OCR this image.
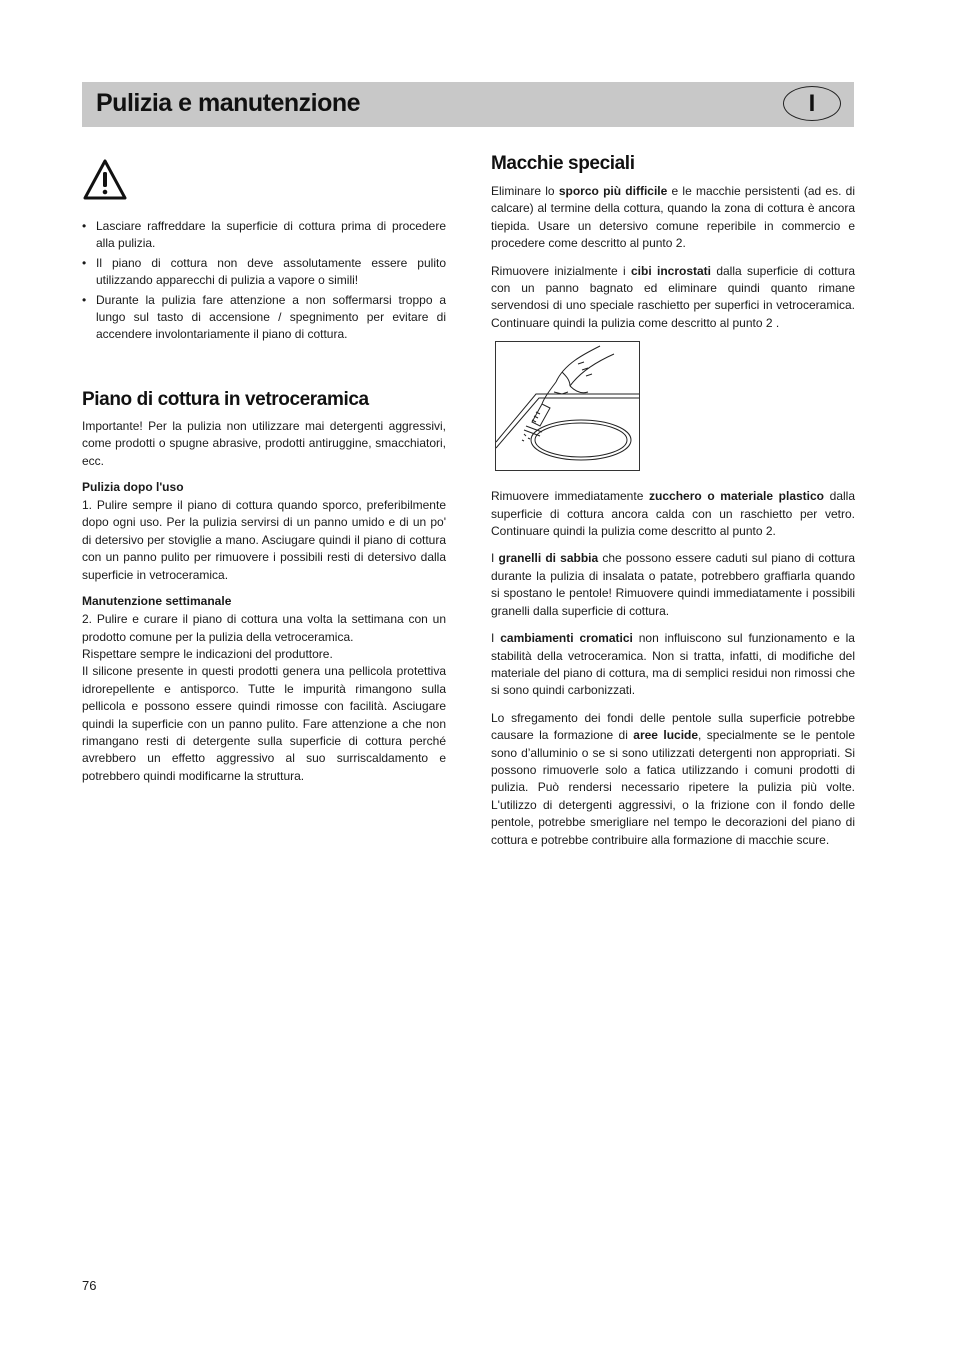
Pulizia e manutenzione	I
• Lasciare raffreddare la superficie di cottura prima di procedere alla pulizia.
• Il piano di cottura non deve assolutamente essere pulito utilizzando apparecchi di pulizia a vapore o simili!
• Durante la pulizia fare attenzione a non soffermarsi troppo a lungo sul tasto di accensione / spegnimento per evitare di accendere involontariamente il piano di cottura.
Piano di cottura in vetroceramica

Importante! Per la pulizia non utilizzare mai detergenti aggressivi, come prodotti o spugne abrasive, prodotti antiruggine, smacchiatori, ecc.

Pulizia dopo l'uso

1. Pulire sempre il piano di cottura quando sporco, preferibilmente dopo ogni uso. Per la pulizia servirsi di un panno umido e di un po' di detersivo per stoviglie a mano. Asciugare quindi il piano di cottura con un panno pulito per rimuovere i possibili resti di detersivo dalla superficie in vetroceramica.

Manutenzione settimanale

2. Pulire e curare il piano di cottura una volta la settimana con un prodotto comune per la pulizia della vetroceramica.

Rispettare sempre le indicazioni del produttore.

Il silicone presente in questi prodotti genera una pellicola protettiva idrorepellente e antisporco. Tutte le impurità rimangono sulla pellicola e possono essere quindi rimosse con facilità. Asciugare quindi la superficie con un panno pulito. Fare attenzione a che non rimangano resti di detergente sulla superficie di cottura perché avrebbero un effetto aggressivo al suo surriscaldamento e potrebbero quindi modificarne la struttura.

Macchie speciali

Eliminare lo sporco più difficile e le macchie persistenti (ad es. di calcare) al termine della cottura, quando la zona di cottura è ancora tiepida. Usare un detersivo comune reperibile in commercio e procedere come descritto al punto 2.

Rimuovere inizialmente i cibi incrostati dalla superficie di cottura con un panno bagnato ed eliminare quindi quanto rimane servendosi di uno speciale raschietto per superfici in vetroceramica. Continuare quindi la pulizia come descritto al punto 2 .

Rimuovere immediatamente zucchero o materiale plastico dalla superficie di cottura ancora calda con un raschietto per vetro. Continuare quindi la pulizia come descritto al punto 2.

I granelli di sabbia che possono essere caduti sul piano di cottura durante la pulizia di insalata o patate, potrebbero graffiarla quando si spostano le pentole! Rimuovere quindi immediatamente i possibili granelli dalla superficie di cottura.

I cambiamenti cromatici non influiscono sul funzionamento e la stabilità della vetroceramica. Non si tratta, infatti, di modifiche del materiale del piano di cottura, ma di semplici residui non rimossi che si sono quindi carbonizzati.

Lo sfregamento dei fondi delle pentole sulla superficie potrebbe causare la formazione di aree lucide, specialmente se le pentole sono d’alluminio o se si sono utilizzati detergenti non appropriati. Si possono rimuoverle solo a fatica utilizzando i comuni prodotti di pulizia. Può rendersi necessario ripetere la pulizia più volte. L'utilizzo di detergenti aggressivi, o la frizione con il fondo delle pentole, potrebbe smerigliare nel tempo le decorazioni del piano di cottura e potrebbe contribuire alla formazione di macchie scure.

76
